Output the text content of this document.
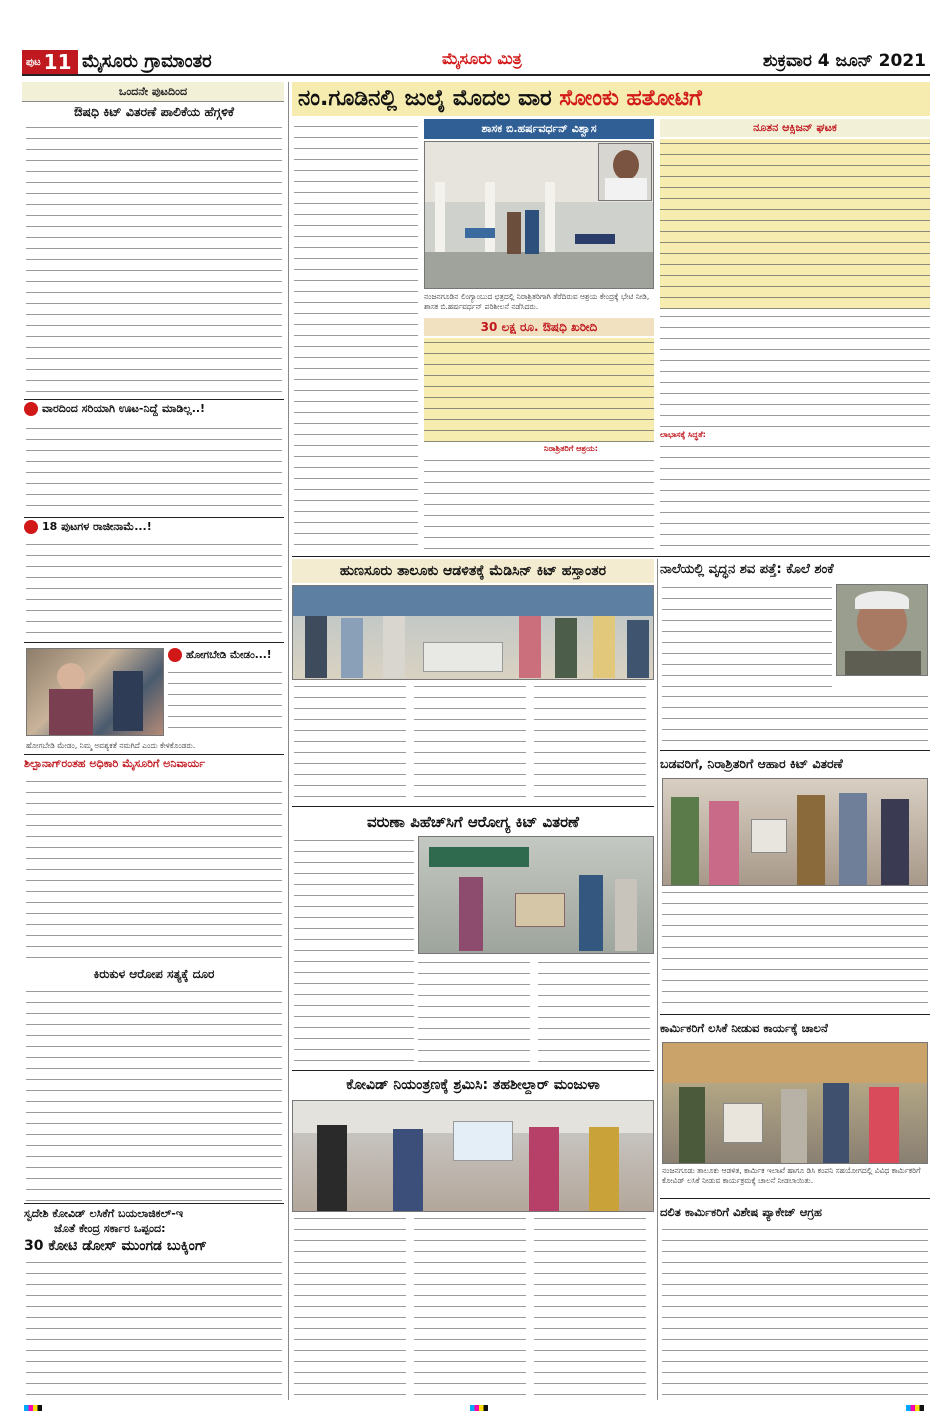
ಪುಟ 11 ಮೈಸೂರು ಗ್ರಾಮಾಂತರ	ಮೈಸೂರು ಮಿತ್ರ	ಶುಕ್ರವಾರ 4 ಜೂನ್ 2021
ಒಂದನೇ ಪುಟದಿಂದ
ಔಷಧಿ ಕಿಟ್ ವಿತರಣೆ ಪಾಲಿಕೆಯ ಹೆಗ್ಗಳಿಕೆ
ವಾರದಿಂದ ಸರಿಯಾಗಿ ಊಟ-ನಿದ್ದೆ ಮಾಡಿಲ್ಲ..!
18 ಪುಟಗಳ ರಾಜೀನಾಮೆ...!
ಹೋಗಬೇಡಿ ಮೇಡಂ...!
ಹೋಗಬೇಡಿ ಮೇಡಂ, ನಿಮ್ಮ ಅವಶ್ಯಕತೆ ನಮಗಿದೆ ಎಂದು ಕೇಳಿಕೊಂಡರು.
ಶಿಲ್ಪಾನಾಗ್‌ರಂತಹ ಅಧಿಕಾರಿ ಮೈಸೂರಿಗೆ ಅನಿವಾರ್ಯ
ಕಿರುಕುಳ ಆರೋಪ ಸತ್ಯಕ್ಕೆ ದೂರ
ಸ್ವದೇಶಿ ಕೋವಿಡ್ ಲಸಿಕೆಗೆ ಬಯಲಾಜಿಕಲ್-ಇ
ಜೊತೆ ಕೇಂದ್ರ ಸರ್ಕಾರ ಒಪ್ಪಂದ:
30 ಕೋಟಿ ಡೋಸ್ ಮುಂಗಡ ಬುಕ್ಕಿಂಗ್
ನಂ.ಗೂಡಿನಲ್ಲಿ ಜುಲೈ ಮೊದಲ ವಾರ ಸೋಂಕು ಹತೋಟಿಗೆ
ಶಾಸಕ ಬಿ.ಹರ್ಷವರ್ಧನ್ ವಿಶ್ವಾಸ
ನಂಜನಗೂಡಿನ ಲಿಂಗ್ಯಾಂಬುದ ಛತ್ರದಲ್ಲಿ ನಿರಾಶ್ರಿತರಿಗಾಗಿ ತೆರೆದಿರುವ ಆಶ್ರಯ ಕೇಂದ್ರಕ್ಕೆ ಭೇಟಿ ನೀಡಿ, ಶಾಸಕ ಬಿ.ಹರ್ಷವರ್ಧನ್ ಪರಿಶೀಲನೆ ನಡೆಸಿದರು.
ನೂತನ ಆಕ್ಸಿಜನ್ ಘಟಕ
30 ಲಕ್ಷ ರೂ. ಔಷಧಿ ಖರೀದಿ
ನಿರಾಶ್ರಿತರಿಗೆ ಆಶ್ರಯ:
ಲಾಭಾಸಕ್ಕೆ ಸಿದ್ಧತೆ:
ಹುಣಸೂರು ತಾಲೂಕು ಆಡಳಿತಕ್ಕೆ ಮೆಡಿಸಿನ್ ಕಿಟ್ ಹಸ್ತಾಂತರ
ವರುಣಾ ಪಿಹೆಚ್‌ಸಿಗೆ ಆರೋಗ್ಯ ಕಿಟ್ ವಿತರಣೆ
ಕೋವಿಡ್ ನಿಯಂತ್ರಣಕ್ಕೆ ಶ್ರಮಿಸಿ: ತಹಶೀಲ್ದಾರ್ ಮಂಜುಳಾ
ನಾಲೆಯಲ್ಲಿ ವೃದ್ಧನ ಶವ ಪತ್ತೆ: ಕೊಲೆ ಶಂಕೆ
ಬಡವರಿಗೆ, ನಿರಾಶ್ರಿತರಿಗೆ ಆಹಾರ ಕಿಟ್ ವಿತರಣೆ
ಕಾರ್ಮಿಕರಿಗೆ ಲಸಿಕೆ ನೀಡುವ ಕಾರ್ಯಕ್ಕೆ ಚಾಲನೆ
ನಂಜನಗೂಡು ತಾಲೂಕು ಆಡಳಿತ, ಕಾರ್ಮಿಕ ಇಲಾಖೆ ಹಾಗೂ ಡಿಸಿ ಕಂಪನಿ ಸಹಯೋಗದಲ್ಲಿ ವಿವಿಧ ಕಾರ್ಮಿಕರಿಗೆ ಕೋವಿಡ್ ಲಸಿಕೆ ನೀಡುವ ಕಾರ್ಯಕ್ರಮಕ್ಕೆ ಚಾಲನೆ ನೀಡಲಾಯಿತು.
ದಲಿತ ಕಾರ್ಮಿಕರಿಗೆ ವಿಶೇಷ ಪ್ಯಾಕೇಜ್ ಆಗ್ರಹ
